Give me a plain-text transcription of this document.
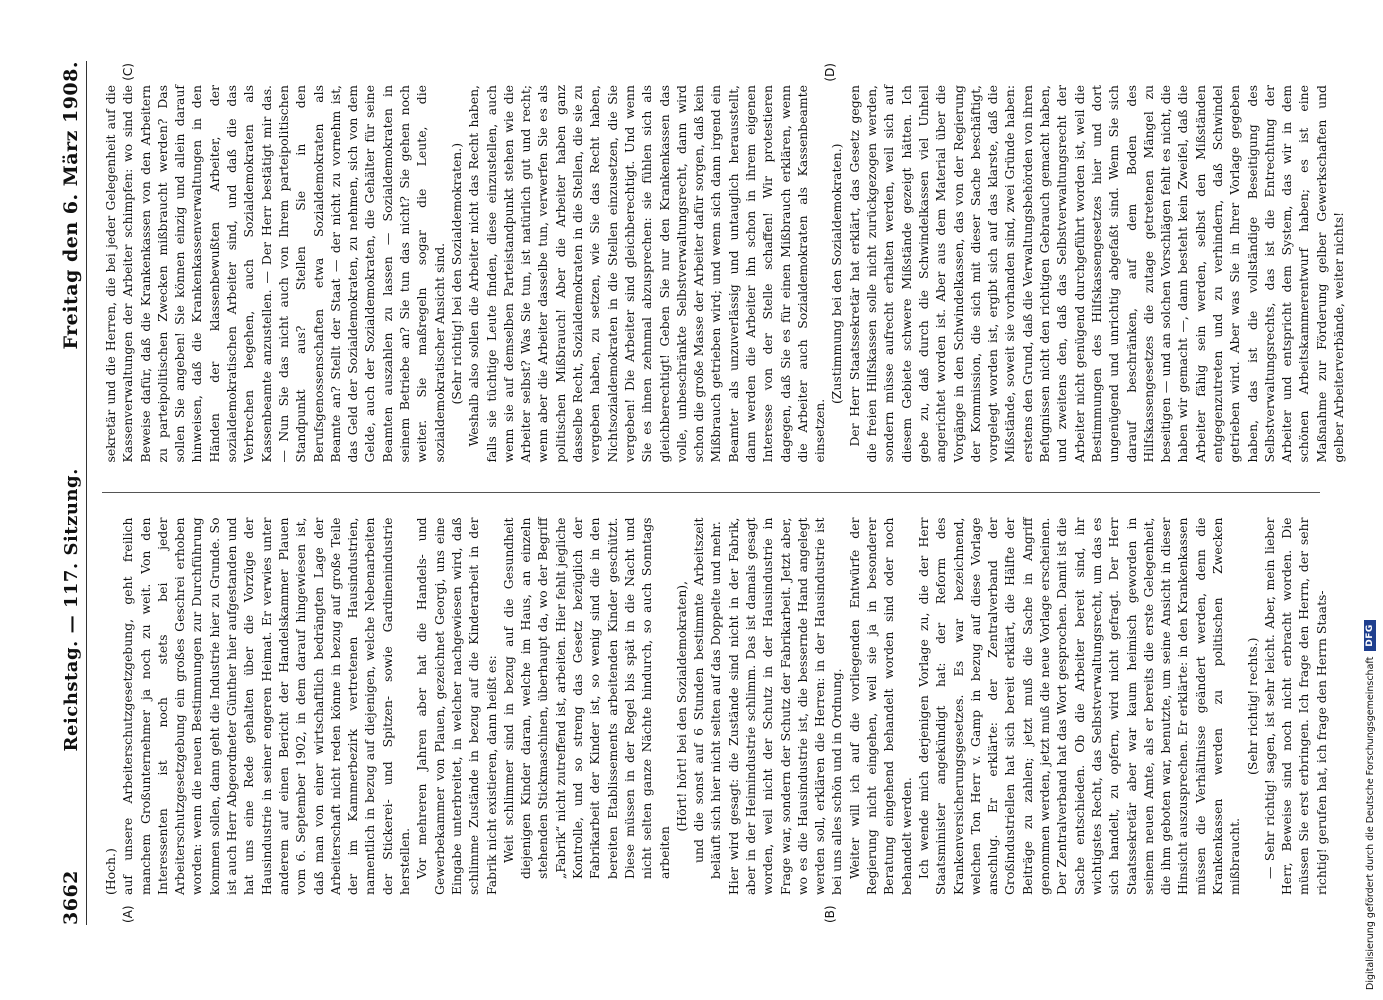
3662
Reichstag. — 117. Sitzung.
Freitag den 6. März 1908.
(A)	(B)

(Hoch.) auf unsere Arbeiterschutzgesetzgebung, geht freilich manchem Großunternehmer ja noch zu weit. Von den Interessenten ist noch stets bei jeder Arbeiterschutzgesetzgebung ein großes Geschrei erhoben worden: wenn die neuen Bestimmungen zur Durchführung kommen sollen, dann geht die Industrie hier zu Grunde. So ist auch Herr Abgeordneter Günther hier aufgestanden und hat uns eine Rede gehalten über die Vorzüge der Hausindustrie in seiner engeren Heimat. Er verwies unter anderem auf einen Bericht der Handelskammer Plauen vom 6. September 1902, in dem darauf hingewiesen ist, daß man von einer wirtschaftlich bedrängten Lage der Arbeiterschaft nicht reden könne in bezug auf große Teile der im Kammerbezirk vertretenen Hausindustrien, namentlich in bezug auf diejenigen, welche Nebenarbeiten der Stickerei- und Spitzen- sowie Gardinenindustrie herstellen. Vor mehreren Jahren aber hat die Handels- und Gewerbekammer von Plauen, gezeichnet Georgi, uns eine Eingabe unterbreitet, in welcher nachgewiesen wird, daß schlimme Zustände in bezug auf die Kinderarbeit in der Fabrik nicht existieren, dann heißt es: Weit schlimmer sind in bezug auf die Gesundheit diejenigen Kinder daran, welche im Haus, an einzeln stehenden Stickmaschinen, überhaupt da, wo der Begriff „Fabrik“ nicht zutreffend ist, arbeiten. Hier fehlt jegliche Kontrolle, und so streng das Gesetz bezüglich der Fabrikarbeit der Kinder ist, so wenig sind die in den bereiten Etablissements arbeitenden Kinder geschützt. Diese müssen in der Regel bis spät in die Nacht und nicht selten ganze Nächte hindurch, so auch Sonntags arbeiten

(Hört! hört! bei den Sozialdemokraten), und die sonst auf 6 Stunden bestimmte Arbeitszeit beläuft sich hier nicht selten auf das Doppelte und mehr. Hier wird gesagt: die Zustände sind nicht in der Fabrik, aber in der Heimindustrie schlimm. Das ist damals gesagt worden, weil nicht der Schutz in der Hausindustrie in Frage war, sondern der Schutz der Fabrikarbeit. Jetzt aber, wo es die Hausindustrie ist, die bessernde Hand angelegt werden soll, erklären die Herren: in der Hausindustrie ist bei uns alles schön und in Ordnung. Weiter will ich auf die vorliegenden Entwürfe der Regierung nicht eingehen, weil sie ja in besonderer Beratung eingehend behandelt worden sind oder noch behandelt werden. Ich wende mich derjenigen Vorlage zu, die der Herr Staatsminister angekündigt hat: der Reform des Krankenversicherungsgesetzes. Es war bezeichnend, welchen Ton Herr v. Gamp in bezug auf diese Vorlage anschlug. Er erklärte: der Zentralverband der Großindustriellen hat sich bereit erklärt, die Hälfte der Beiträge zu zahlen; jetzt muß die Sache in Angriff genommen werden, jetzt muß die neue Vorlage erscheinen. Der Zentralverband hat das Wort gesprochen. Damit ist die Sache entschieden. Ob die Arbeiter bereit sind, ihr wichtigstes Recht, das Selbstverwaltungsrecht, um das es sich handelt, zu opfern, wird nicht gefragt. Der Herr Staatssekretär aber war kaum heimisch geworden in seinem neuen Amte, als er bereits die erste Gelegenheit, die ihm geboten war, benutzte, um seine Ansicht in dieser Hinsicht auszusprechen. Er erklärte: in den Krankenkassen müssen die Verhältnisse geändert werden, denn die Krankenkassen werden zu politischen Zwecken mißbraucht.

(Sehr richtig! rechts.) — Sehr richtig! sagen, ist sehr leicht. Aber, mein lieber Herr, Beweise sind noch nicht erbracht worden. Die müssen Sie erst erbringen. Ich frage den Herrn, der sehr richtig! gerufen hat, ich frage den Herrn Staats-

(C)	(D)

sekretär und die Herren, die bei jeder Gelegenheit auf die Kassenverwaltungen der Arbeiter schimpfen: wo sind die Beweise dafür, daß die Krankenkassen von den Arbeitern zu parteipolitischen Zwecken mißbraucht werden? Das sollen Sie angeben! Sie können einzig und allein darauf hinweisen, daß die Krankenkassenverwaltungen in den Händen der klassenbewußten Arbeiter, der sozialdemokratischen Arbeiter sind, und daß die das Verbrechen begehen, auch Sozialdemokraten als Kassenbeamte anzustellen. — Der Herr bestätigt mir das. — Nun Sie das nicht auch von Ihrem parteipolitischen Standpunkt aus? Stellen Sie in den Berufsgenossenschaften etwa Sozialdemokraten als Beamte an? Stellt der Staat — der nicht zu vornehm ist, das Geld der Sozialdemokraten, zu nehmen, sich von dem Gelde, auch der Sozialdemokraten, die Gehälter für seine Beamten auszahlen zu lassen — Sozialdemokraten in seinem Betriebe an? Sie tun das nicht? Sie gehen noch weiter. Sie maßregeln sogar die Leute, die sozialdemokratischer Ansicht sind. (Sehr richtig! bei den Sozialdemokraten.) Weshalb also sollen die Arbeiter nicht das Recht haben, falls sie tüchtige Leute finden, diese einzustellen, auch wenn sie auf demselben Parteistandpunkt stehen wie die Arbeiter selbst? Was Sie tun, ist natürlich gut und recht; wenn aber die Arbeiter dasselbe tun, verwerfen Sie es als politischen Mißbrauch! Aber die Arbeiter haben ganz dasselbe Recht, Sozialdemokraten in die Stellen, die sie zu vergeben haben, zu setzen, wie Sie das Recht haben, Nichtsozialdemokraten in die Stellen einzusetzen, die Sie vergeben! Die Arbeiter sind gleichberechtigt. Und wenn Sie es ihnen zehnmal abzusprechen: sie fühlen sich als gleichberechtigt! Geben Sie nur den Krankenkassen das volle, unbeschränkte Selbstverwaltungsrecht, dann wird schon die große Masse der Arbeiter dafür sorgen, daß kein Mißbrauch getrieben wird; und wenn sich dann irgend ein Beamter als unzuverlässig und untauglich herausstellt, dann werden die Arbeiter ihn schon in ihrem eigenen Interesse von der Stelle schaffen! Wir protestieren dagegen, daß Sie es für einen Mißbrauch erklären, wenn die Arbeiter auch Sozialdemokraten als Kassenbeamte einsetzen.

(Zustimmung bei den Sozialdemokraten.) Der Herr Staatssekretär hat erklärt, das Gesetz gegen die freien Hilfskassen solle nicht zurückgezogen werden, sondern müsse aufrecht erhalten werden, weil sich auf diesem Gebiete schwere Mißstände gezeigt hätten. Ich gebe zu, daß durch die Schwindelkassen viel Unheil angerichtet worden ist. Aber aus dem Material über die Vorgänge in den Schwindelkassen, das von der Regierung der Kommission, die sich mit dieser Sache beschäftigt, vorgelegt worden ist, ergibt sich auf das klarste, daß die Mißstände, soweit sie vorhanden sind, zwei Gründe haben: erstens den Grund, daß die Verwaltungsbehörden von ihren Befugnissen nicht den richtigen Gebrauch gemacht haben, und zweitens den, daß das Selbstverwaltungsrecht der Arbeiter nicht genügend durchgeführt worden ist, weil die Bestimmungen des Hilfskassengesetzes hier und dort ungenügend und unrichtig abgefaßt sind. Wenn Sie sich darauf beschränken, auf dem Boden des Hilfskassengesetzes die zutage getretenen Mängel zu beseitigen — und an solchen Vorschlägen fehlt es nicht, die haben wir gemacht —, dann besteht kein Zweifel, daß die Arbeiter fähig sein werden, selbst den Mißständen entgegenzutreten und zu verhindern, daß Schwindel getrieben wird. Aber was Sie in Ihrer Vorlage gegeben haben, das ist die vollständige Beseitigung des Selbstverwaltungsrechts, das ist die Entrechtung der Arbeiter und entspricht dem System, das wir in dem schönen Arbeitskammerentwurf haben; es ist eine Maßnahme zur Förderung gelber Gewerkschaften und gelber Arbeiterverbände, weiter nichts!

Digitalisierung gefördert durch die Deutsche Forschungsgemeinschaft
DFG
